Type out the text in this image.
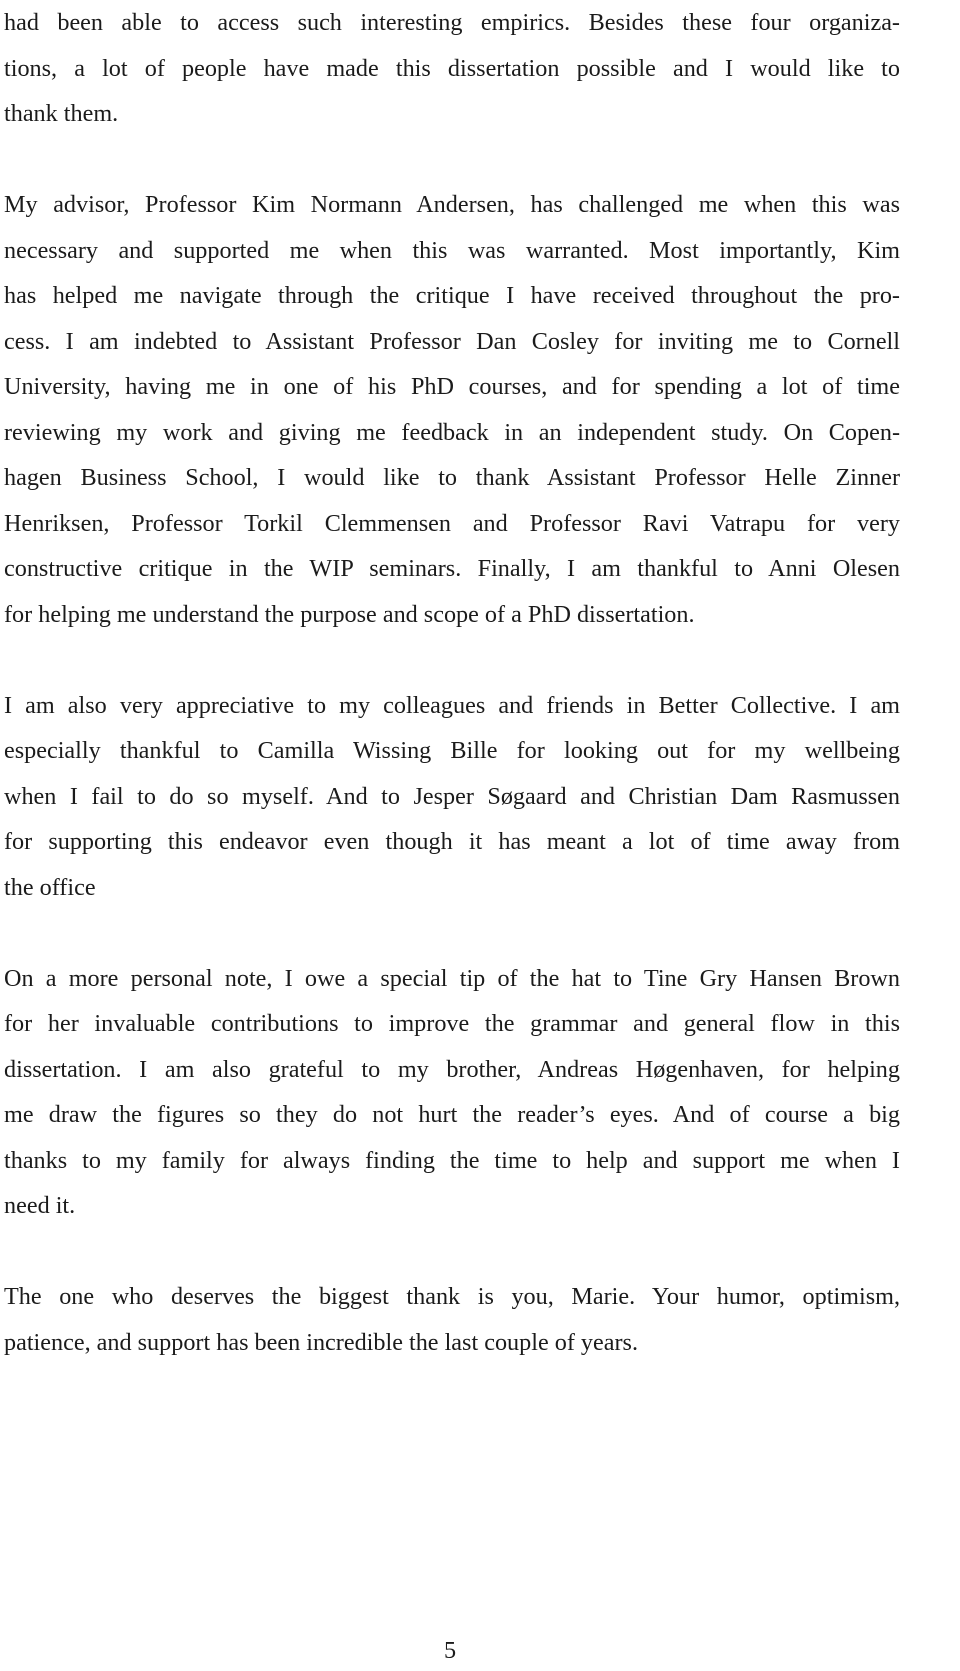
had been able to access such interesting empirics. Besides these four organiza-
tions, a lot of people have made this dissertation possible and I would like to
thank them.
My advisor, Professor Kim Normann Andersen, has challenged me when this was
necessary and supported me when this was warranted. Most importantly, Kim
has helped me navigate through the critique I have received throughout the pro-
cess. I am indebted to Assistant Professor Dan Cosley for inviting me to Cornell
University, having me in one of his PhD courses, and for spending a lot of time
reviewing my work and giving me feedback in an independent study. On Copen-
hagen Business School, I would like to thank Assistant Professor Helle Zinner
Henriksen, Professor Torkil Clemmensen and Professor Ravi Vatrapu for very
constructive critique in the WIP seminars. Finally, I am thankful to Anni Olesen
for helping me understand the purpose and scope of a PhD dissertation.
I am also very appreciative to my colleagues and friends in Better Collective. I am
especially thankful to Camilla Wissing Bille for looking out for my wellbeing
when I fail to do so myself. And to Jesper Søgaard and Christian Dam Rasmussen
for supporting this endeavor even though it has meant a lot of time away from
the office
On a more personal note, I owe a special tip of the hat to Tine Gry Hansen Brown
for her invaluable contributions to improve the grammar and general flow in this
dissertation. I am also grateful to my brother, Andreas Høgenhaven, for helping
me draw the figures so they do not hurt the reader’s eyes. And of course a big
thanks to my family for always finding the time to help and support me when I
need it.
The one who deserves the biggest thank is you, Marie. Your humor, optimism,
patience, and support has been incredible the last couple of years.
5
